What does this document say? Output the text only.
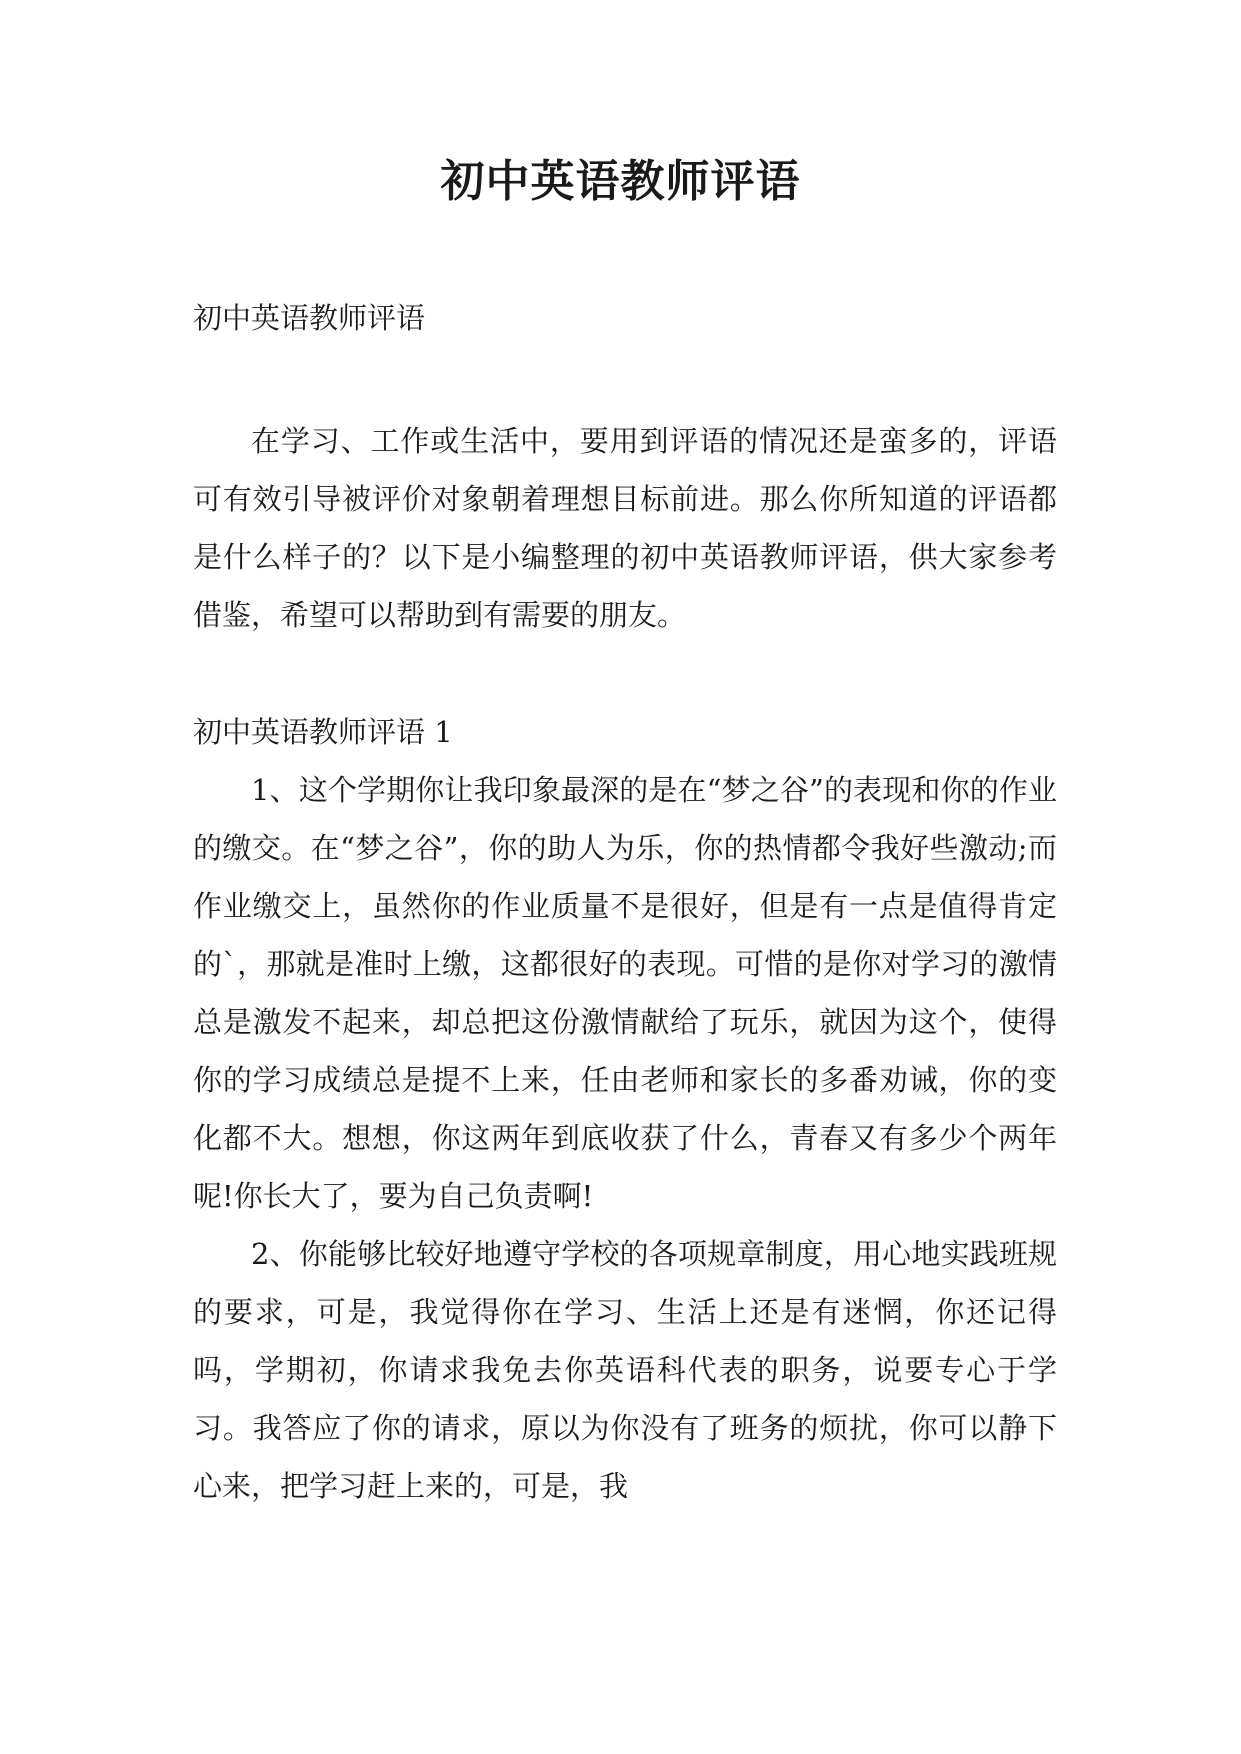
初中英语教师评语
初中英语教师评语

在学习、工作或生活中，要用到评语的情况还是蛮多的，评语可有效引导被评价对象朝着理想目标前进。那么你所知道的评语都是什么样子的？以下是小编整理的初中英语教师评语，供大家参考借鉴，希望可以帮助到有需要的朋友。

初中英语教师评语 1

1、这个学期你让我印象最深的是在“梦之谷”的表现和你的作业的缴交。在“梦之谷”，你的助人为乐，你的热情都令我好些激动;而作业缴交上，虽然你的作业质量不是很好，但是有一点是值得肯定的`，那就是准时上缴，这都很好的表现。可惜的是你对学习的激情总是激发不起来，却总把这份激情献给了玩乐，就因为这个，使得你的学习成绩总是提不上来，任由老师和家长的多番劝诫，你的变化都不大。想想，你这两年到底收获了什么，青春又有多少个两年呢!你长大了，要为自己负责啊!

2、你能够比较好地遵守学校的各项规章制度，用心地实践班规的要求，可是，我觉得你在学习、生活上还是有迷惘，你还记得吗，学期初，你请求我免去你英语科代表的职务，说要专心于学习。我答应了你的请求，原以为你没有了班务的烦扰，你可以静下心来，把学习赶上来的，可是，我
